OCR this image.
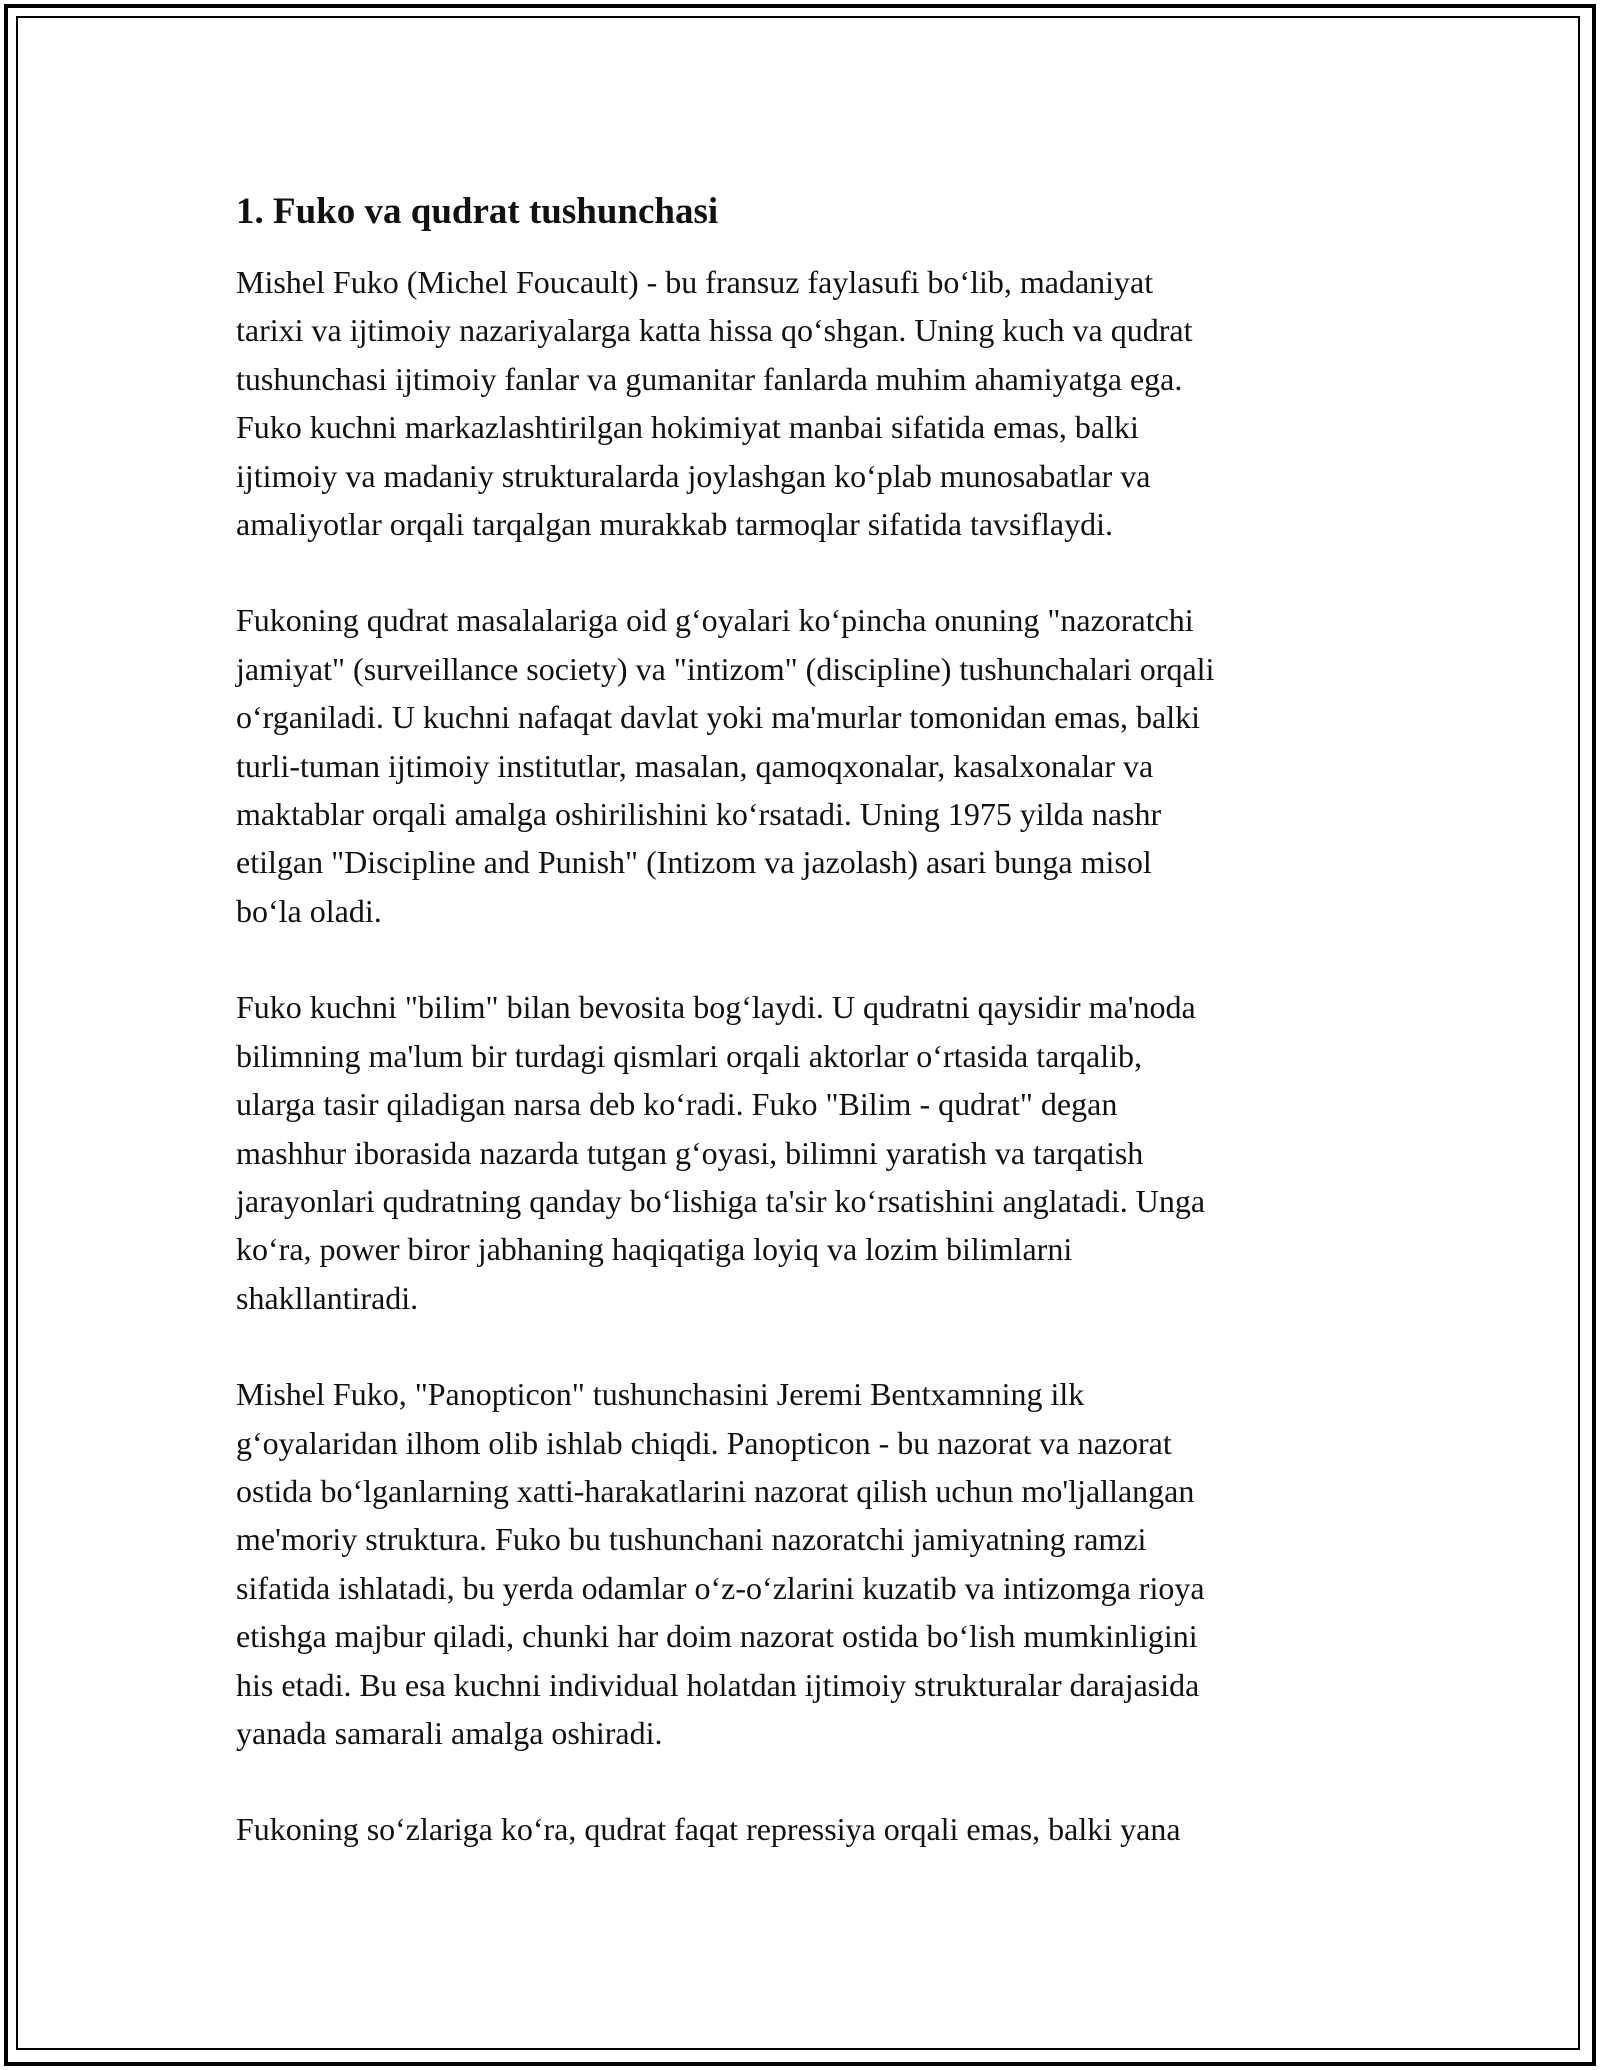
1. Fuko va qudrat tushunchasi

Mishel Fuko (Michel Foucault) - bu fransuz faylasufi bo‘lib, madaniyat
tarixi va ijtimoiy nazariyalarga katta hissa qo‘shgan. Uning kuch va qudrat
tushunchasi ijtimoiy fanlar va gumanitar fanlarda muhim ahamiyatga ega.
Fuko kuchni markazlashtirilgan hokimiyat manbai sifatida emas, balki
ijtimoiy va madaniy strukturalarda joylashgan ko‘plab munosabatlar va
amaliyotlar orqali tarqalgan murakkab tarmoqlar sifatida tavsiflaydi.

Fukoning qudrat masalalariga oid g‘oyalari ko‘pincha onuning "nazoratchi
jamiyat" (surveillance society) va "intizom" (discipline) tushunchalari orqali
o‘rganiladi. U kuchni nafaqat davlat yoki ma'murlar tomonidan emas, balki
turli-tuman ijtimoiy institutlar, masalan, qamoqxonalar, kasalxonalar va
maktablar orqali amalga oshirilishini ko‘rsatadi. Uning 1975 yilda nashr
etilgan "Discipline and Punish" (Intizom va jazolash) asari bunga misol
bo‘la oladi.

Fuko kuchni "bilim" bilan bevosita bog‘laydi. U qudratni qaysidir ma'noda
bilimning ma'lum bir turdagi qismlari orqali aktorlar o‘rtasida tarqalib,
ularga tasir qiladigan narsa deb ko‘radi. Fuko "Bilim - qudrat" degan
mashhur iborasida nazarda tutgan g‘oyasi, bilimni yaratish va tarqatish
jarayonlari qudratning qanday bo‘lishiga ta'sir ko‘rsatishini anglatadi. Unga
ko‘ra, power biror jabhaning haqiqatiga loyiq va lozim bilimlarni
shakllantiradi.

Mishel Fuko, "Panopticon" tushunchasini Jeremi Bentxamning ilk
g‘oyalaridan ilhom olib ishlab chiqdi. Panopticon - bu nazorat va nazorat
ostida bo‘lganlarning xatti-harakatlarini nazorat qilish uchun mo'ljallangan
me'moriy struktura. Fuko bu tushunchani nazoratchi jamiyatning ramzi
sifatida ishlatadi, bu yerda odamlar o‘z-o‘zlarini kuzatib va intizomga rioya
etishga majbur qiladi, chunki har doim nazorat ostida bo‘lish mumkinligini
his etadi. Bu esa kuchni individual holatdan ijtimoiy strukturalar darajasida
yanada samarali amalga oshiradi.

Fukoning so‘zlariga ko‘ra, qudrat faqat repressiya orqali emas, balki yana
